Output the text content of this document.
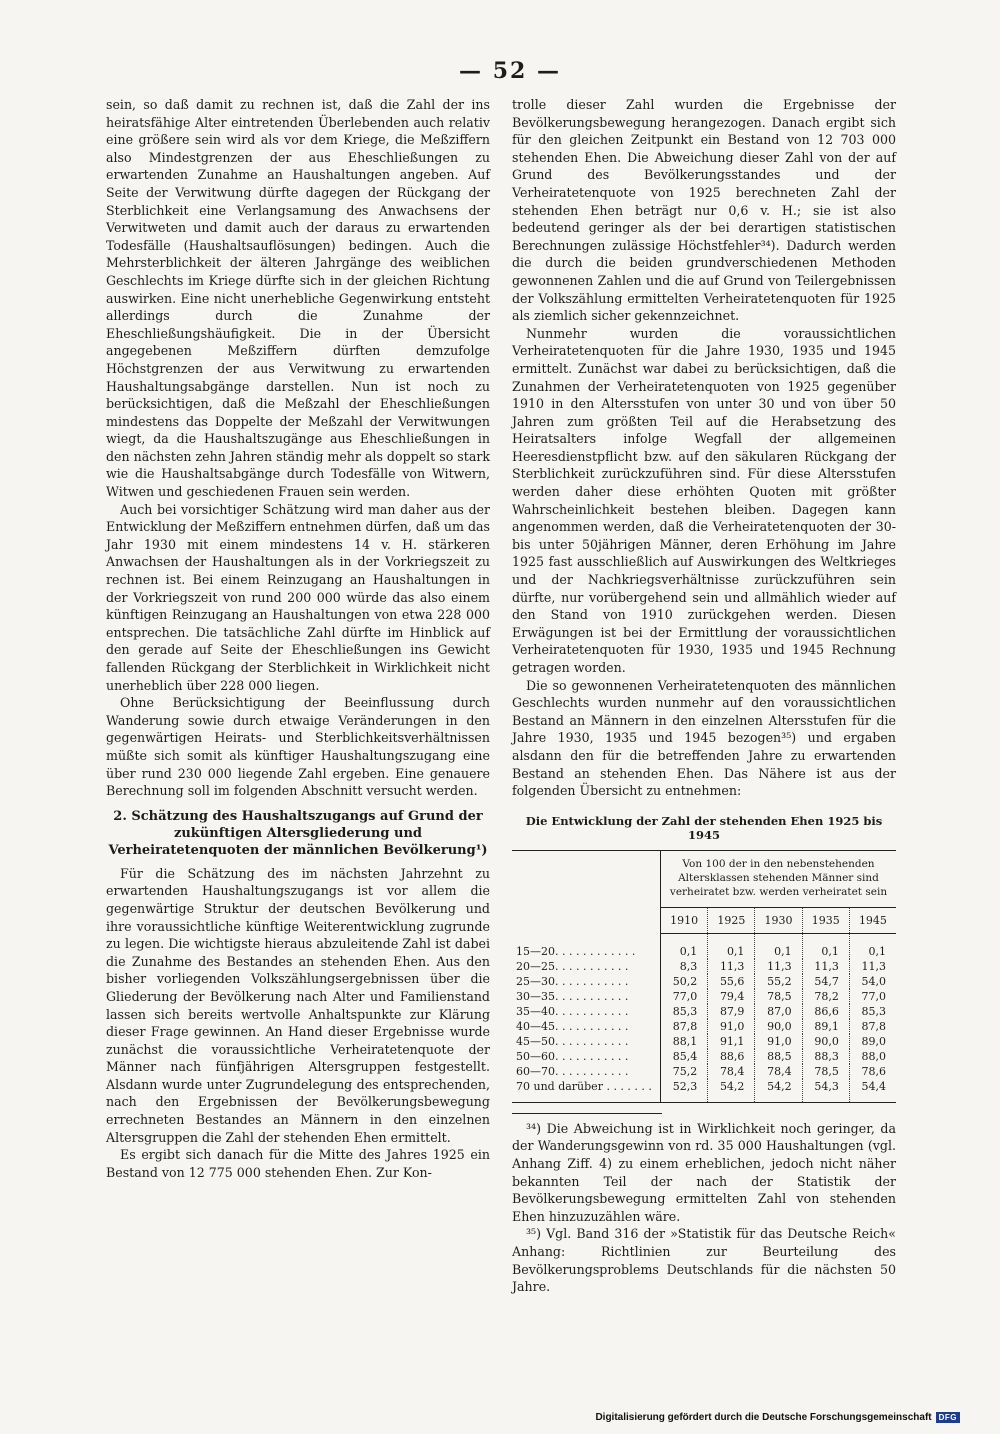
— 52 —

sein, so daß damit zu rechnen ist, daß die Zahl der ins heiratsfähige Alter eintretenden Überlebenden auch relativ eine größere sein wird als vor dem Kriege, die Meßziffern also Mindestgrenzen der aus Eheschließungen zu erwartenden Zunahme an Haushaltungen angeben. Auf Seite der Verwitwung dürfte dagegen der Rückgang der Sterblichkeit eine Verlangsamung des Anwachsens der Verwitweten und damit auch der daraus zu erwartenden Todesfälle (Haushaltsauflösungen) bedingen. Auch die Mehrsterblichkeit der älteren Jahrgänge des weiblichen Geschlechts im Kriege dürfte sich in der gleichen Richtung auswirken. Eine nicht unerhebliche Gegenwirkung entsteht allerdings durch die Zunahme der Eheschließungshäufigkeit. Die in der Übersicht angegebenen Meßziffern dürften demzufolge Höchstgrenzen der aus Verwitwung zu erwartenden Haushaltungsabgänge darstellen. Nun ist noch zu berücksichtigen, daß die Meßzahl der Eheschließungen mindestens das Doppelte der Meßzahl der Verwitwungen wiegt, da die Haushaltszugänge aus Eheschließungen in den nächsten zehn Jahren ständig mehr als doppelt so stark wie die Haushaltsabgänge durch Todesfälle von Witwern, Witwen und geschiedenen Frauen sein werden.

Auch bei vorsichtiger Schätzung wird man daher aus der Entwicklung der Meßziffern entnehmen dürfen, daß um das Jahr 1930 mit einem mindestens 14 v. H. stärkeren Anwachsen der Haushaltungen als in der Vorkriegszeit zu rechnen ist. Bei einem Reinzugang an Haushaltungen in der Vorkriegszeit von rund 200 000 würde das also einem künftigen Reinzugang an Haushaltungen von etwa 228 000 entsprechen. Die tatsächliche Zahl dürfte im Hinblick auf den gerade auf Seite der Eheschließungen ins Gewicht fallenden Rückgang der Sterblichkeit in Wirklichkeit nicht unerheblich über 228 000 liegen.

Ohne Berücksichtigung der Beeinflussung durch Wanderung sowie durch etwaige Veränderungen in den gegenwärtigen Heirats- und Sterblichkeitsverhältnissen müßte sich somit als künftiger Haushaltungszugang eine über rund 230 000 liegende Zahl ergeben. Eine genauere Berechnung soll im folgenden Abschnitt versucht werden.

2. Schätzung des Haushaltszugangs auf Grund der zukünftigen Altersgliederung und Verheiratetenquoten der männlichen Bevölkerung¹)

Für die Schätzung des im nächsten Jahrzehnt zu erwartenden Haushaltungszugangs ist vor allem die gegenwärtige Struktur der deutschen Bevölkerung und ihre voraussichtliche künftige Weiterentwicklung zugrunde zu legen. Die wichtigste hieraus abzuleitende Zahl ist dabei die Zunahme des Bestandes an stehenden Ehen. Aus den bisher vorliegenden Volkszählungsergebnissen über die Gliederung der Bevölkerung nach Alter und Familienstand lassen sich bereits wertvolle Anhaltspunkte zur Klärung dieser Frage gewinnen. An Hand dieser Ergebnisse wurde zunächst die voraussichtliche Verheiratetenquote der Männer nach fünfjährigen Altersgruppen festgestellt. Alsdann wurde unter Zugrundelegung des entsprechenden, nach den Ergebnissen der Bevölkerungsbewegung errechneten Bestandes an Männern in den einzelnen Altersgruppen die Zahl der stehenden Ehen ermittelt.

Es ergibt sich danach für die Mitte des Jahres 1925 ein Bestand von 12 775 000 stehenden Ehen. Zur Kon-

trolle dieser Zahl wurden die Ergebnisse der Bevölkerungsbewegung herangezogen. Danach ergibt sich für den gleichen Zeitpunkt ein Bestand von 12 703 000 stehenden Ehen. Die Abweichung dieser Zahl von der auf Grund des Bevölkerungsstandes und der Verheiratetenquote von 1925 berechneten Zahl der stehenden Ehen beträgt nur 0,6 v. H.; sie ist also bedeutend geringer als der bei derartigen statistischen Berechnungen zulässige Höchstfehler³⁴). Dadurch werden die durch die beiden grundverschiedenen Methoden gewonnenen Zahlen und die auf Grund von Teilergebnissen der Volkszählung ermittelten Verheiratetenquoten für 1925 als ziemlich sicher gekennzeichnet.

Nunmehr wurden die voraussichtlichen Verheiratetenquoten für die Jahre 1930, 1935 und 1945 ermittelt. Zunächst war dabei zu berücksichtigen, daß die Zunahmen der Verheiratetenquoten von 1925 gegenüber 1910 in den Altersstufen von unter 30 und von über 50 Jahren zum größten Teil auf die Herabsetzung des Heiratsalters infolge Wegfall der allgemeinen Heeresdienstpflicht bzw. auf den säkularen Rückgang der Sterblichkeit zurückzuführen sind. Für diese Altersstufen werden daher diese erhöhten Quoten mit größter Wahrscheinlichkeit bestehen bleiben. Dagegen kann angenommen werden, daß die Verheiratetenquoten der 30- bis unter 50jährigen Männer, deren Erhöhung im Jahre 1925 fast ausschließlich auf Auswirkungen des Weltkrieges und der Nachkriegsverhältnisse zurückzuführen sein dürfte, nur vorübergehend sein und allmählich wieder auf den Stand von 1910 zurückgehen werden. Diesen Erwägungen ist bei der Ermittlung der voraussichtlichen Verheiratetenquoten für 1930, 1935 und 1945 Rechnung getragen worden.

Die so gewonnenen Verheiratetenquoten des männlichen Geschlechts wurden nunmehr auf den voraussichtlichen Bestand an Männern in den einzelnen Altersstufen für die Jahre 1930, 1935 und 1945 bezogen³⁵) und ergaben alsdann den für die betreffenden Jahre zu erwartenden Bestand an stehenden Ehen. Das Nähere ist aus der folgenden Übersicht zu entnehmen:

Die Entwicklung der Zahl der stehenden Ehen 1925 bis 1945
	Von 100 der in den nebenstehenden Altersklassen stehenden Männer sind verheiratet bzw. werden verheiratet sein				
	1910	1925	1930	1935	1945
15—20. . . . . . . . . . . .	0,1	0,1	0,1	0,1	0,1
20—25. . . . . . . . . . .	8,3	11,3	11,3	11,3	11,3
25—30. . . . . . . . . . .	50,2	55,6	55,2	54,7	54,0
30—35. . . . . . . . . . .	77,0	79,4	78,5	78,2	77,0
35—40. . . . . . . . . . .	85,3	87,9	87,0	86,6	85,3
40—45. . . . . . . . . . .	87,8	91,0	90,0	89,1	87,8
45—50. . . . . . . . . . .	88,1	91,1	91,0	90,0	89,0
50—60. . . . . . . . . . .	85,4	88,6	88,5	88,3	88,0
60—70. . . . . . . . . . .	75,2	78,4	78,4	78,5	78,6
70 und darüber . . . . . . .	52,3	54,2	54,2	54,3	54,4

³⁴) Die Abweichung ist in Wirklichkeit noch geringer, da der Wanderungsgewinn von rd. 35 000 Haushaltungen (vgl. Anhang Ziff. 4) zu einem erheblichen, jedoch nicht näher bekannten Teil der nach der Statistik der Bevölkerungsbewegung ermittelten Zahl von stehenden Ehen hinzuzuzählen wäre.

³⁵) Vgl. Band 316 der »Statistik für das Deutsche Reich« Anhang: Richtlinien zur Beurteilung des Bevölkerungsproblems Deutschlands für die nächsten 50 Jahre.

Digitalisierung gefördert durch die Deutsche Forschungsgemeinschaft DFG
